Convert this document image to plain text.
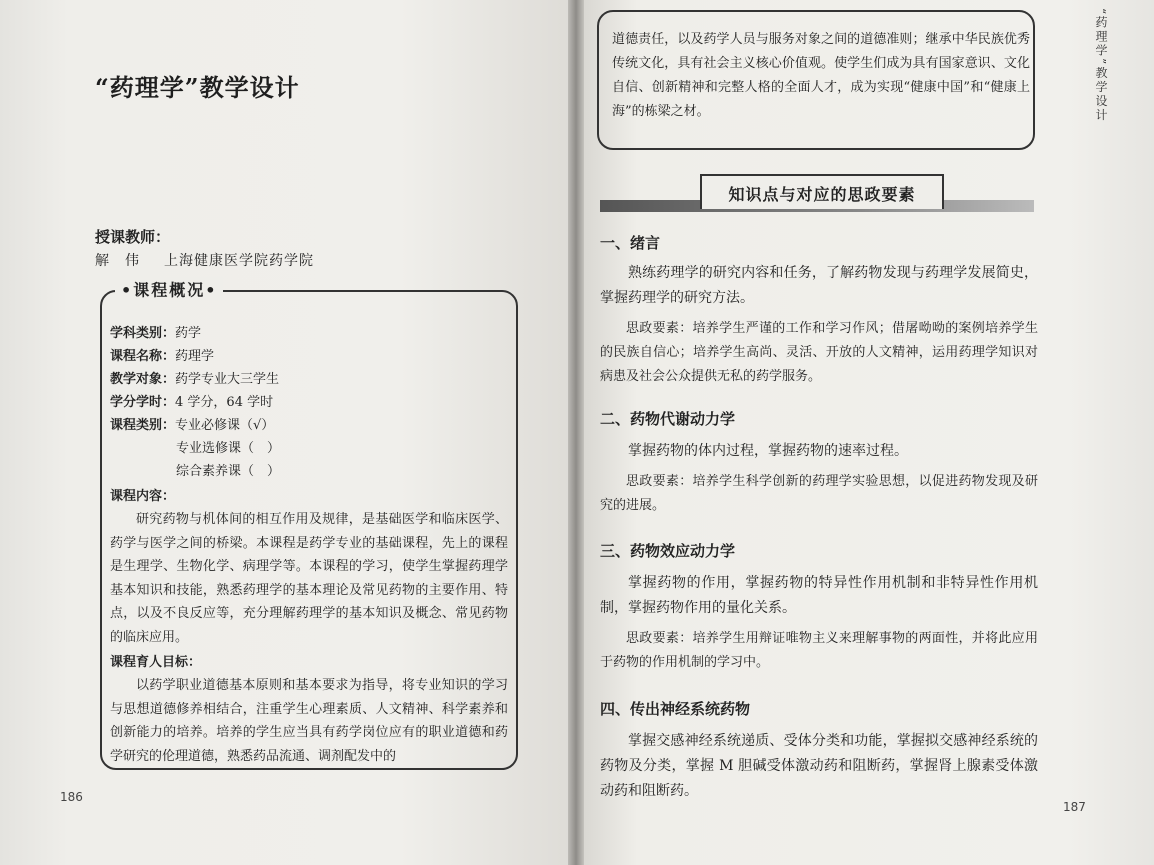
“药理学”教学设计
授课教师：
解　伟 上海健康医学院药学院
•课程概况•
学科类别：药学
课程名称：药理学
教学对象：药学专业大三学生
学分学时：4 学分，64 学时
课程类别：专业必修课（√）
专业选修课（　）
综合素养课（　）
课程内容：
研究药物与机体间的相互作用及规律，是基础医学和临床医学、药学与医学之间的桥梁。本课程是药学专业的基础课程，先上的课程是生理学、生物化学、病理学等。本课程的学习，使学生掌握药理学基本知识和技能，熟悉药理学的基本理论及常见药物的主要作用、特点，以及不良反应等，充分理解药理学的基本知识及概念、常见药物的临床应用。
课程育人目标：
以药学职业道德基本原则和基本要求为指导，将专业知识的学习与思想道德修养相结合，注重学生心理素质、人文精神、科学素养和创新能力的培养。培养的学生应当具有药学岗位应有的职业道德和药学研究的伦理道德，熟悉药品流通、调剂配发中的
186
“药理学”教学设计
道德责任，以及药学人员与服务对象之间的道德准则；继承中华民族优秀传统文化，具有社会主义核心价值观。使学生们成为具有国家意识、文化自信、创新精神和完整人格的全面人才，成为实现“健康中国”和“健康上海”的栋梁之材。
知识点与对应的思政要素
一、绪言
熟练药理学的研究内容和任务，了解药物发现与药理学发展简史，掌握药理学的研究方法。
思政要素：培养学生严谨的工作和学习作风；借屠呦呦的案例培养学生的民族自信心；培养学生高尚、灵活、开放的人文精神，运用药理学知识对病患及社会公众提供无私的药学服务。
二、药物代谢动力学
掌握药物的体内过程，掌握药物的速率过程。
思政要素：培养学生科学创新的药理学实验思想，以促进药物发现及研究的进展。
三、药物效应动力学
掌握药物的作用，掌握药物的特异性作用机制和非特异性作用机制，掌握药物作用的量化关系。
思政要素：培养学生用辩证唯物主义来理解事物的两面性，并将此应用于药物的作用机制的学习中。
四、传出神经系统药物
掌握交感神经系统递质、受体分类和功能，掌握拟交感神经系统的药物及分类，掌握 M 胆碱受体激动药和阻断药，掌握肾上腺素受体激动药和阻断药。
187
